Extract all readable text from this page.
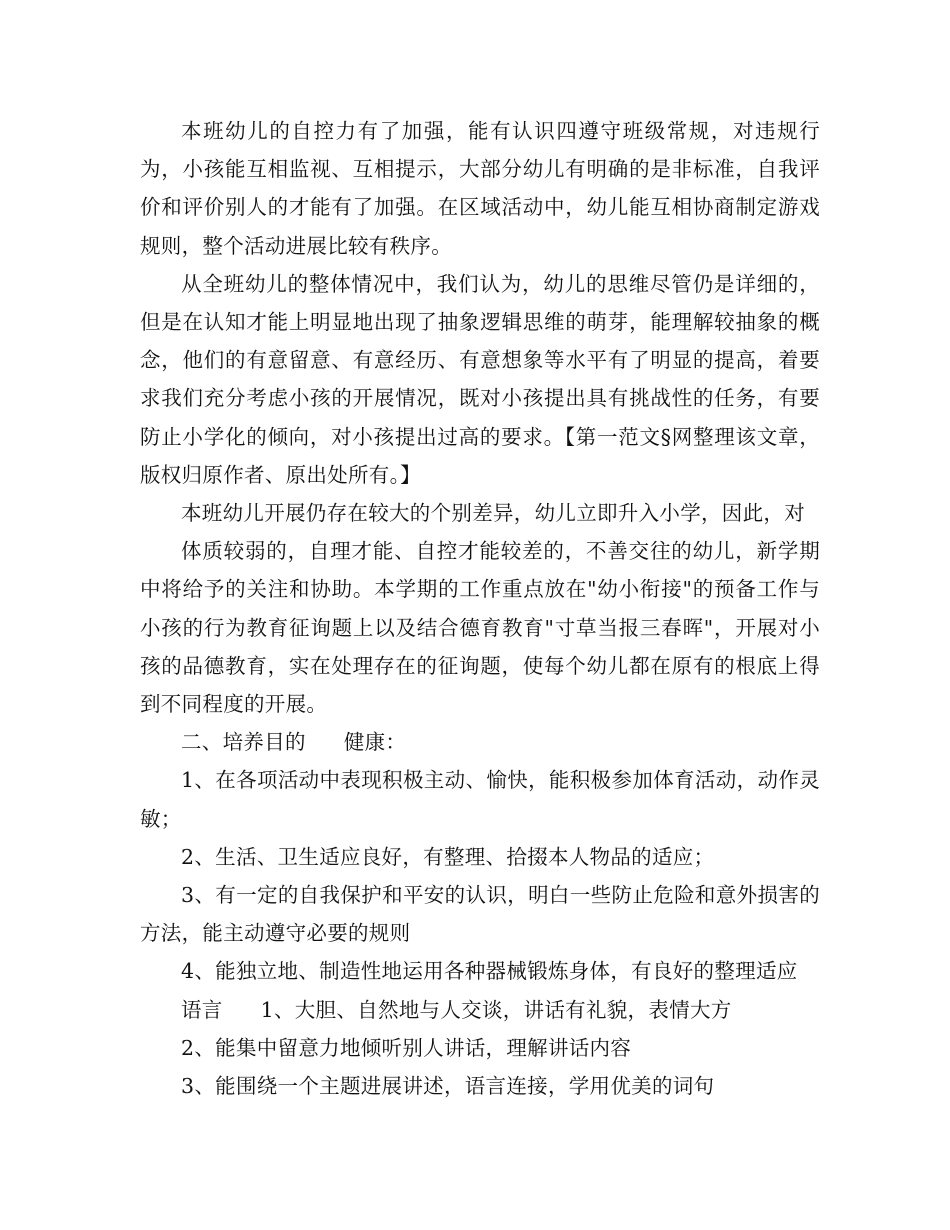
本班幼儿的自控力有了加强，能有认识四遵守班级常规，对违规行为，小孩能互相监视、互相提示，大部分幼儿有明确的是非标准，自我评价和评价别人的才能有了加强。在区域活动中，幼儿能互相协商制定游戏规则，整个活动进展比较有秩序。

从全班幼儿的整体情况中，我们认为，幼儿的思维尽管仍是详细的，但是在认知才能上明显地出现了抽象逻辑思维的萌芽，能理解较抽象的概念，他们的有意留意、有意经历、有意想象等水平有了明显的提高，着要求我们充分考虑小孩的开展情况，既对小孩提出具有挑战性的任务，有要防止小学化的倾向，对小孩提出过高的要求。【第一范文§网整理该文章，版权归原作者、原出处所有。】

本班幼儿开展仍存在较大的个别差异，幼儿立即升入小学，因此，对

体质较弱的，自理才能、自控才能较差的，不善交往的幼儿，新学期中将给予的关注和协助。本学期的工作重点放在"幼小衔接"的预备工作与小孩的行为教育征询题上以及结合德育教育"寸草当报三春晖"，开展对小孩的品德教育，实在处理存在的征询题，使每个幼儿都在原有的根底上得到不同程度的开展。

二、培养目的 健康：

1、在各项活动中表现积极主动、愉快，能积极参加体育活动，动作灵敏；

2、生活、卫生适应良好，有整理、拾掇本人物品的适应；

3、有一定的自我保护和平安的认识，明白一些防止危险和意外损害的方法，能主动遵守必要的规则

4、能独立地、制造性地运用各种器械锻炼身体，有良好的整理适应

语言 1、大胆、自然地与人交谈，讲话有礼貌，表情大方

2、能集中留意力地倾听别人讲话，理解讲话内容

3、能围绕一个主题进展讲述，语言连接，学用优美的词句
